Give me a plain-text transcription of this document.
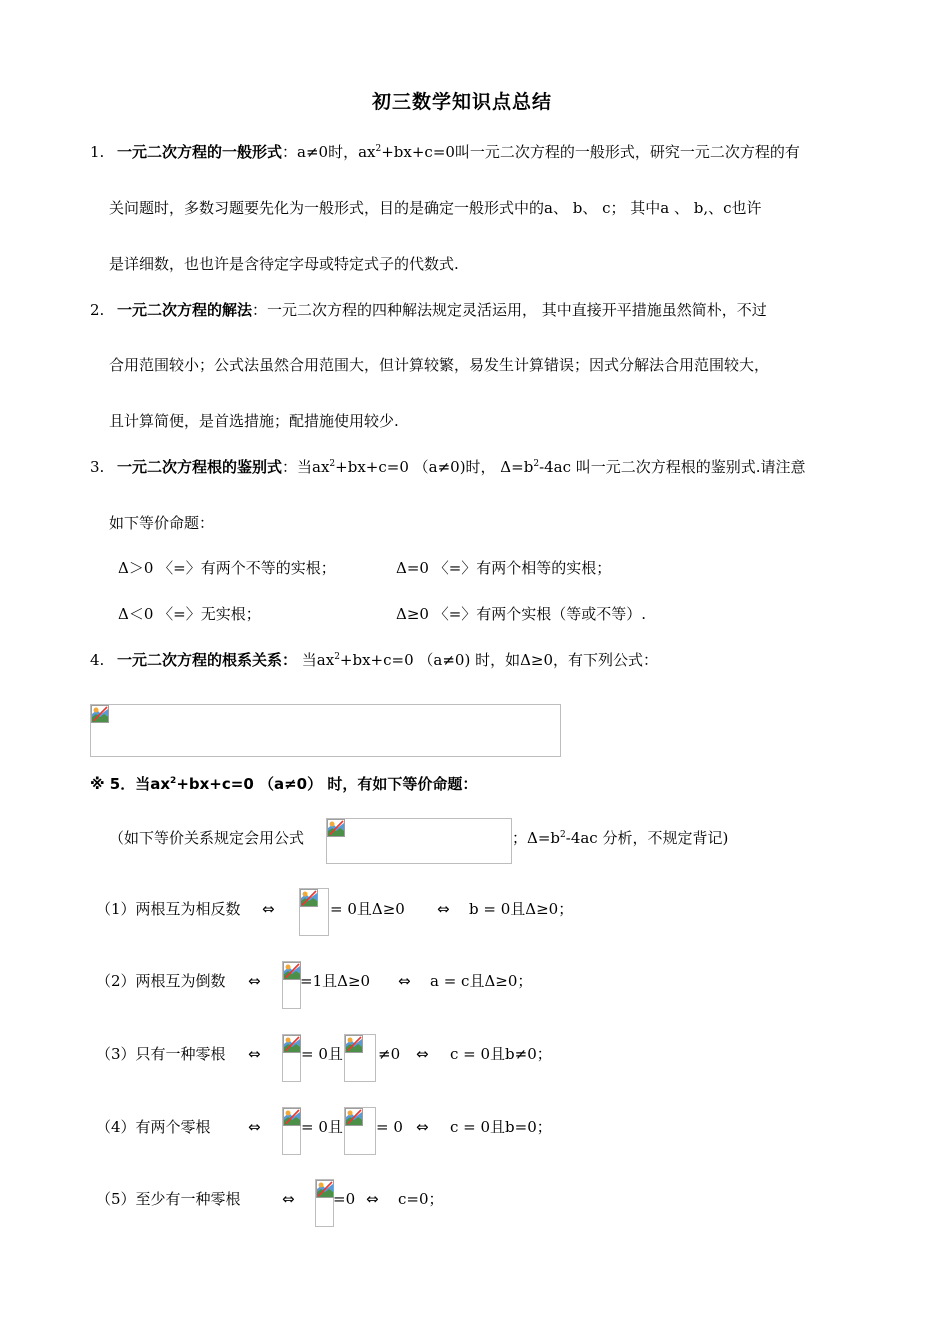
初三数学知识点总结
1. 一元二次方程的一般形式：a≠0时，$ax^2+bx+c=0$叫一元二次方程的一般形式，研究一元二次方程的有
关问题时，多数习题要先化为一般形式，目的是确定一般形式中的a、 b、 c； 其中a 、 b,、c也许
是详细数，也也许是含待定字母或特定式子的代数式.
2. 一元二次方程的解法：一元二次方程的四种解法规定灵活运用， 其中直接开平措施虽然简朴，不过
合用范围较小；公式法虽然合用范围大，但计算较繁，易发生计算错误；因式分解法合用范围较大，
且计算简便，是首选措施；配措施使用较少.
3. 一元二次方程根的鉴别式：当$ax^2+bx+c=0$ （a≠0)时， $\Delta=b^2-4ac$ 叫一元二次方程根的鉴别式.请注意
如下等价命题：
Δ＞0 〈=〉有两个不等的实根；	Δ=0 〈=〉有两个相等的实根；
Δ＜0 〈=〉无实根；	Δ≥0 〈=〉有两个实根（等或不等）.
4. 一元二次方程的根系关系： 当$ax^2+bx+c=0$ （a≠0) 时，如Δ≥0，有下列公式：
※ 5．当$ax^2+bx+c=0$ （a≠0） 时，有如下等价命题：
（如下等价关系规定会用公式	；$\Delta=b^2-4ac$ 分析，不规定背记)
（1）两根互为相反数 ⇔	= 0且Δ≥0 ⇔ b = 0且Δ≥0；
（2）两根互为倒数 ⇔	=1且Δ≥0 ⇔ a = c且Δ≥0；
（3）只有一种零根 ⇔	= 0且 ≠0 ⇔ c = 0且b≠0；
（4）有两个零根 ⇔	= 0且 = 0 ⇔ c = 0且b=0；
（5）至少有一种零根	⇔	=0 ⇔ c=0；
